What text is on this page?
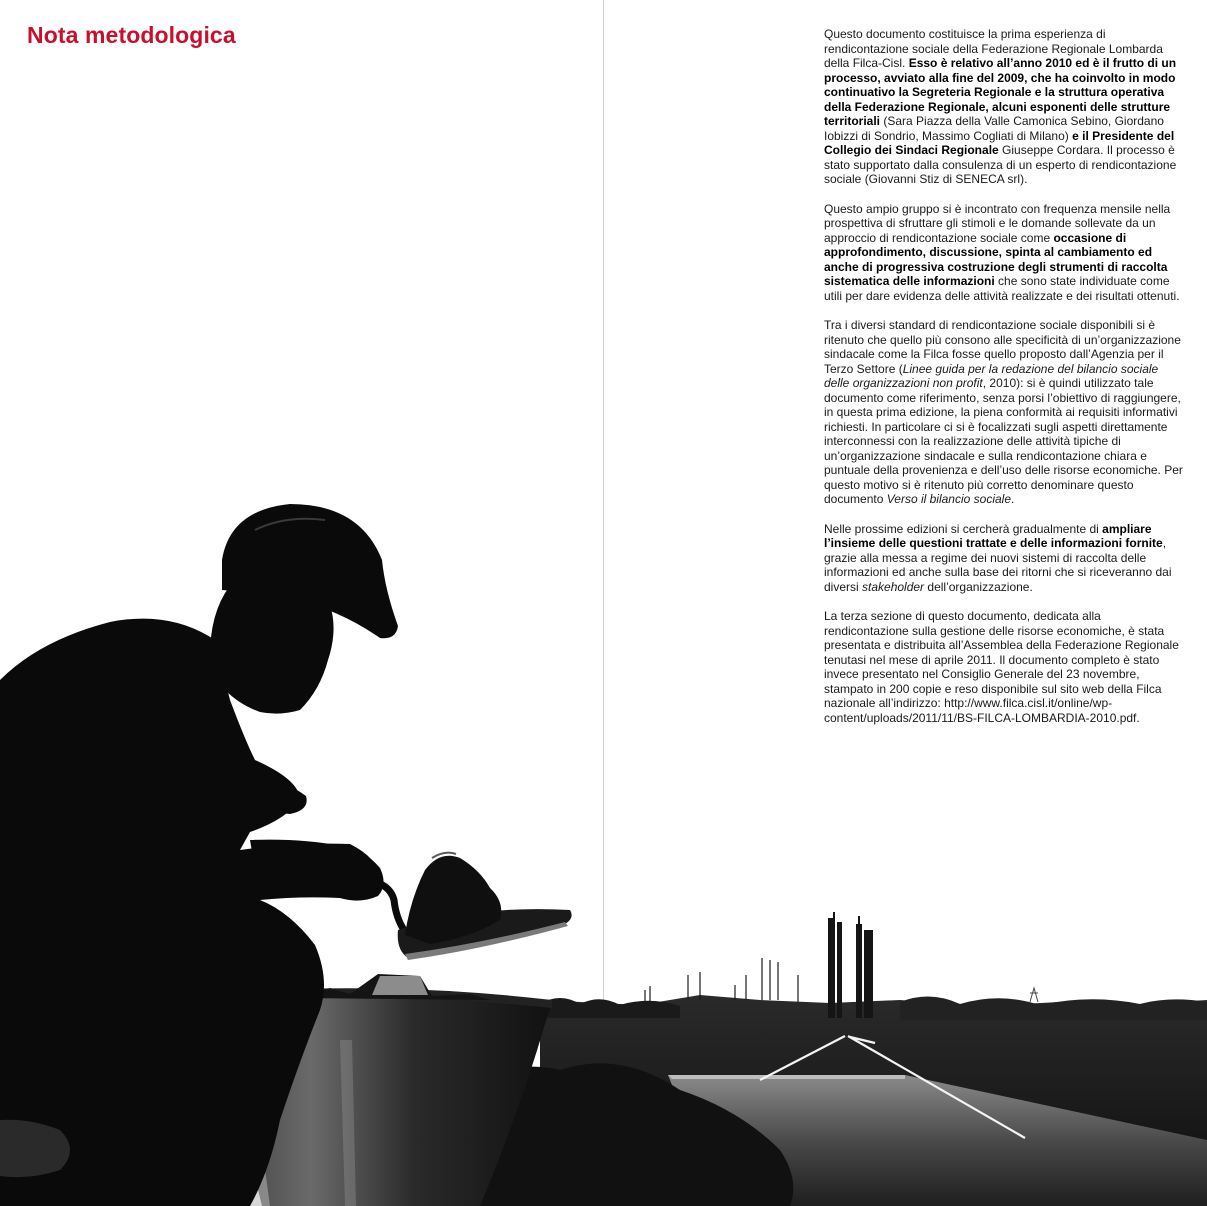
Nota metodologica	Questo documento costituisce la prima esperienza di rendicontazione sociale della Federazione Regionale Lombarda della Filca-Cisl. Esso è relativo all’anno 2010 ed è il frutto di un processo, avviato alla fine del 2009, che ha coinvolto in modo continuativo la Segreteria Regionale e la struttura operativa della Federazione Regionale, alcuni esponenti delle strutture territoriali (Sara Piazza della Valle Camonica Sebino, Giordano Iobizzi di Sondrio, Massimo Cogliati di Milano) e il Presidente del Collegio dei Sindaci Regionale Giuseppe Cordara. Il processo è stato supportato dalla consulenza di un esperto di rendicontazione sociale (Giovanni Stiz di SENECA srl).

Questo ampio gruppo si è incontrato con frequenza mensile nella prospettiva di sfruttare gli stimoli e le domande sollevate da un approccio di rendicontazione sociale come occasione di approfondimento, discussione, spinta al cambiamento ed anche di progressiva costruzione degli strumenti di raccolta sistematica delle informazioni che sono state individuate come utili per dare evidenza delle attività realizzate e dei risultati ottenuti.

Tra i diversi standard di rendicontazione sociale disponibili si è ritenuto che quello più consono alle specificità di un’organizzazione sindacale come la Filca fosse quello proposto dall’Agenzia per il Terzo Settore (Linee guida per la redazione del bilancio sociale delle organizzazioni non profit, 2010): si è quindi utilizzato tale documento come riferimento, senza porsi l’obiettivo di raggiungere, in questa prima edizione, la piena conformità ai requisiti informativi richiesti. In particolare ci si è focalizzati sugli aspetti direttamente interconnessi con la realizzazione delle attività tipiche di un’organizzazione sindacale e sulla rendicontazione chiara e puntuale della provenienza e dell’uso delle risorse economiche. Per questo motivo si è ritenuto più corretto denominare questo documento Verso il bilancio sociale.

Nelle prossime edizioni si cercherà gradualmente di ampliare l’insieme delle questioni trattate e delle informazioni fornite, grazie alla messa a regime dei nuovi sistemi di raccolta delle informazioni ed anche sulla base dei ritorni che si riceveranno dai diversi stakeholder dell’organizzazione.

La terza sezione di questo documento, dedicata alla rendicontazione sulla gestione delle risorse economiche, è stata presentata e distribuita all’Assemblea della Federazione Regionale tenutasi nel mese di aprile 2011. Il documento completo è stato invece presentato nel Consiglio Generale del 23 novembre, stampato in 200 copie e reso disponibile sul sito web della Filca nazionale all’indirizzo: http://www.filca.cisl.it/online/wp-content/uploads/2011/11/BS-FILCA-LOMBARDIA-2010.pdf.
